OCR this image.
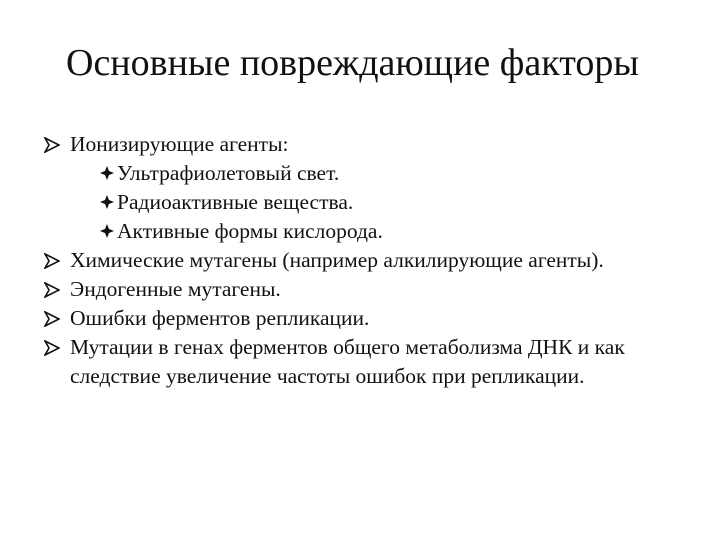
Основные повреждающие факторы
Ионизирующие агенты:
Ультрафиолетовый свет.
Радиоактивные вещества.
Активные формы кислорода.
Химические мутагены (например алкилирующие агенты).
Эндогенные мутагены.
Ошибки ферментов репликации.
Мутации в генах ферментов общего метаболизма ДНК и как
следствие увеличение частоты ошибок при репликации.
